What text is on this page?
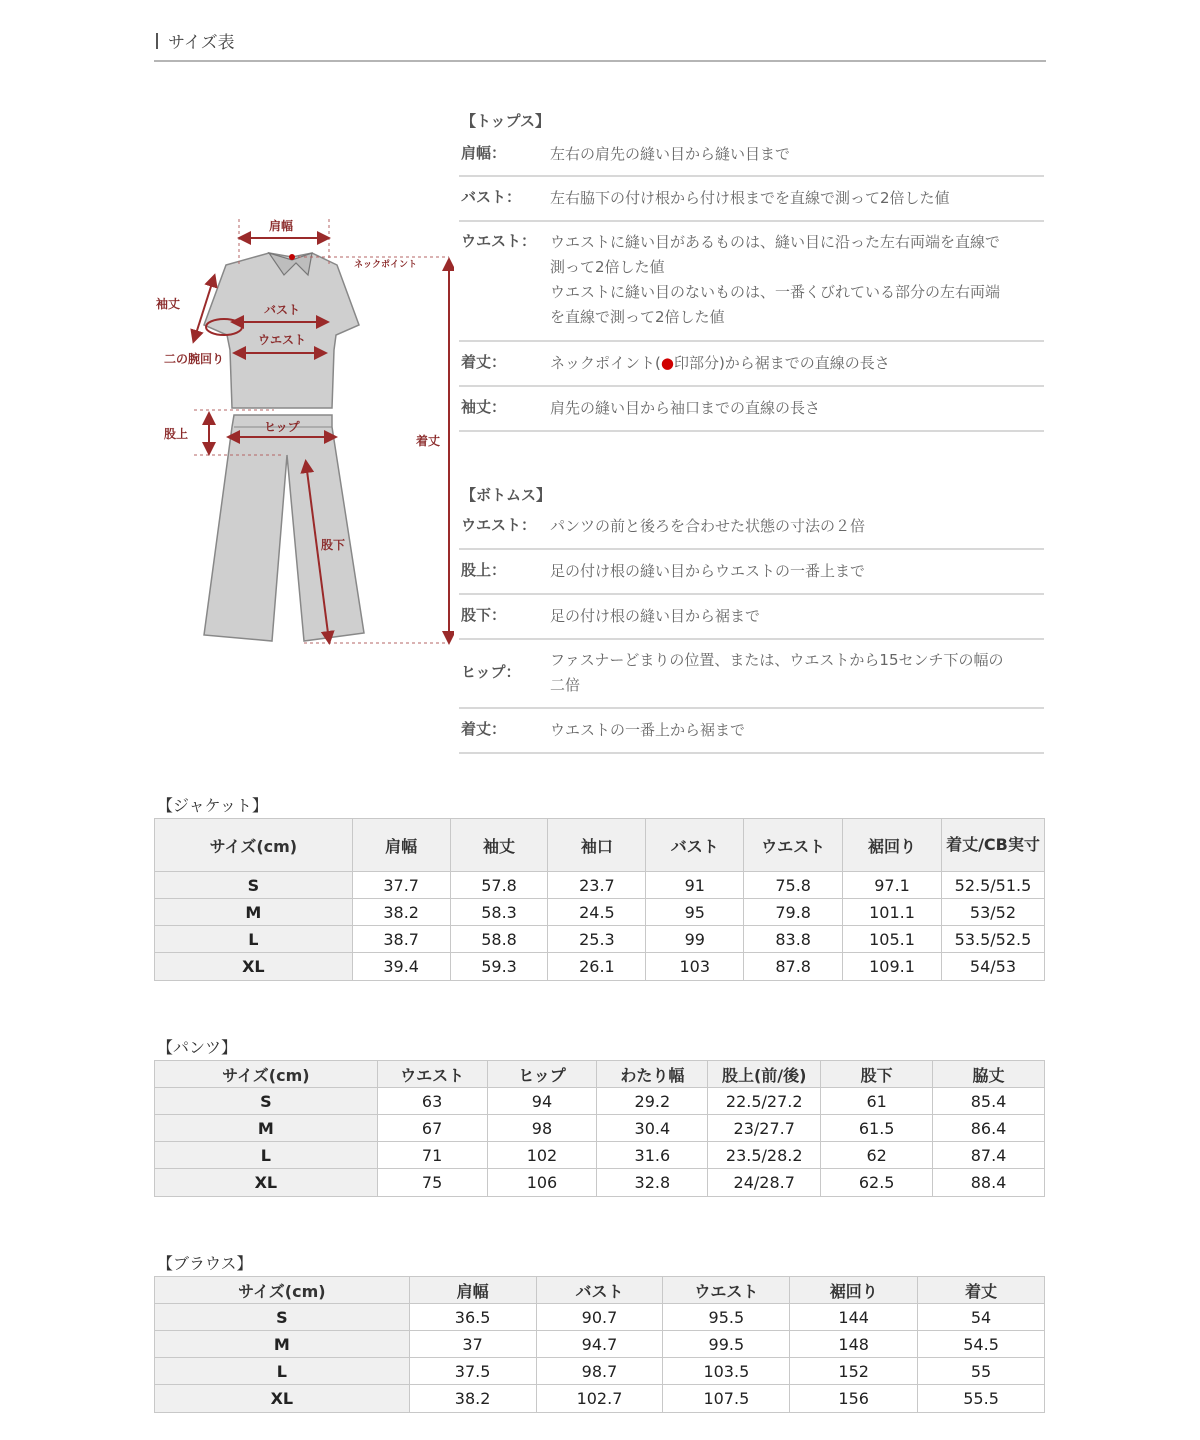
サイズ表
肩幅
ネックポイント
袖丈	バスト
ウエスト
二の腕回り
着丈
股上	ヒップ
股下
【トップス】
肩幅：	左右の肩先の縫い目から縫い目まで
バスト：	左右脇下の付け根から付け根までを直線で測って2倍した値
ウエスト： ウエストに縫い目があるものは、縫い目に沿った左右両端を直線で
測って2倍した値
ウエストに縫い目のないものは、一番くびれている部分の左右両端
を直線で測って2倍した値
着丈：	ネックポイント(●印部分)から裾までの直線の長さ
袖丈：	肩先の縫い目から袖口までの直線の長さ
【ボトムス】
ウエスト： パンツの前と後ろを合わせた状態の寸法の２倍
股上：	足の付け根の縫い目からウエストの一番上まで
股下：	足の付け根の縫い目から裾まで
ヒップ：
ファスナーどまりの位置、または、ウエストから15センチ下の幅の
二倍
着丈：	ウエストの一番上から裾まで
【ジャケット】
サイズ(cm)	肩幅	袖丈	袖口	バスト	ウエスト	裾回り	着丈/CB実寸
S	37.7	57.8	23.7	91	75.8	97.1	52.5/51.5
M	38.2	58.3	24.5	95	79.8	101.1	53/52
L	38.7	58.8	25.3	99	83.8	105.1	53.5/52.5
XL	39.4	59.3	26.1	103	87.8	109.1	54/53
【パンツ】
サイズ(cm)	ウエスト	ヒップ	わたり幅	股上(前/後)	股下	脇丈
S	63	94	29.2	22.5/27.2	61	85.4
M	67	98	30.4	23/27.7	61.5	86.4
L	71	102	31.6	23.5/28.2	62	87.4
XL	75	106	32.8	24/28.7	62.5	88.4
【ブラウス】
サイズ(cm)	肩幅	バスト	ウエスト	裾回り	着丈
S	36.5	90.7	95.5	144	54
M	37	94.7	99.5	148	54.5
L	37.5	98.7	103.5	152	55
XL	38.2	102.7	107.5	156	55.5
